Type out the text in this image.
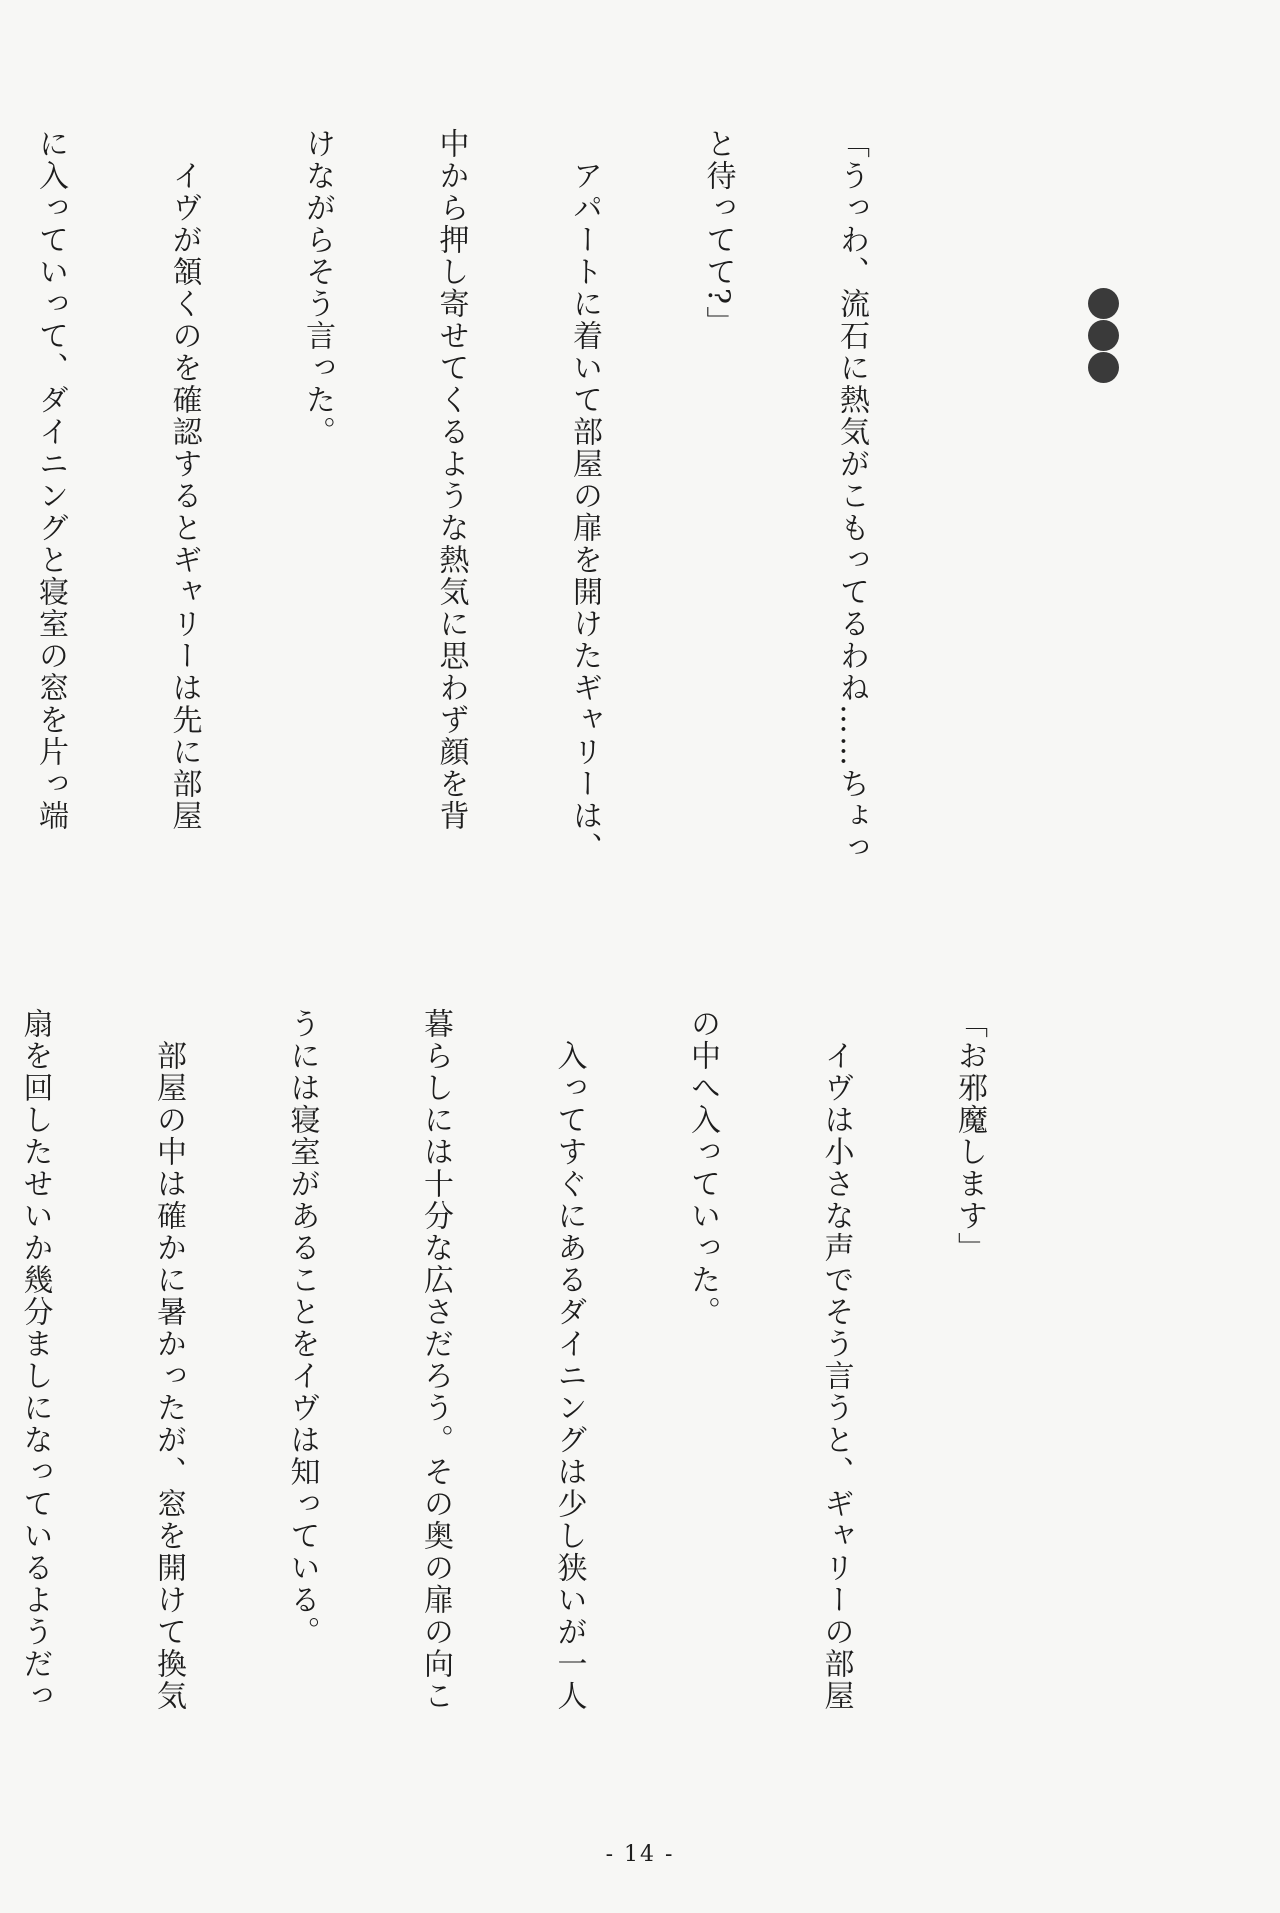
「うっわ、流石に熱気がこもってるわね……ちょっ

と待ってて?」

　アパートに着いて部屋の扉を開けたギャリーは、

中から押し寄せてくるような熱気に思わず顔を背

けながらそう言った。

　イヴが頷くのを確認するとギャリーは先に部屋

に入っていって、ダイニングと寝室の窓を片っ端

「お邪魔します」

　イヴは小さな声でそう言うと、ギャリーの部屋

の中へ入っていった。

　入ってすぐにあるダイニングは少し狭いが一人

暮らしには十分な広さだろう。その奥の扉の向こ

うには寝室があることをイヴは知っている。

　部屋の中は確かに暑かったが、窓を開けて換気

扇を回したせいか幾分ましになっているようだっ

- 14 -
